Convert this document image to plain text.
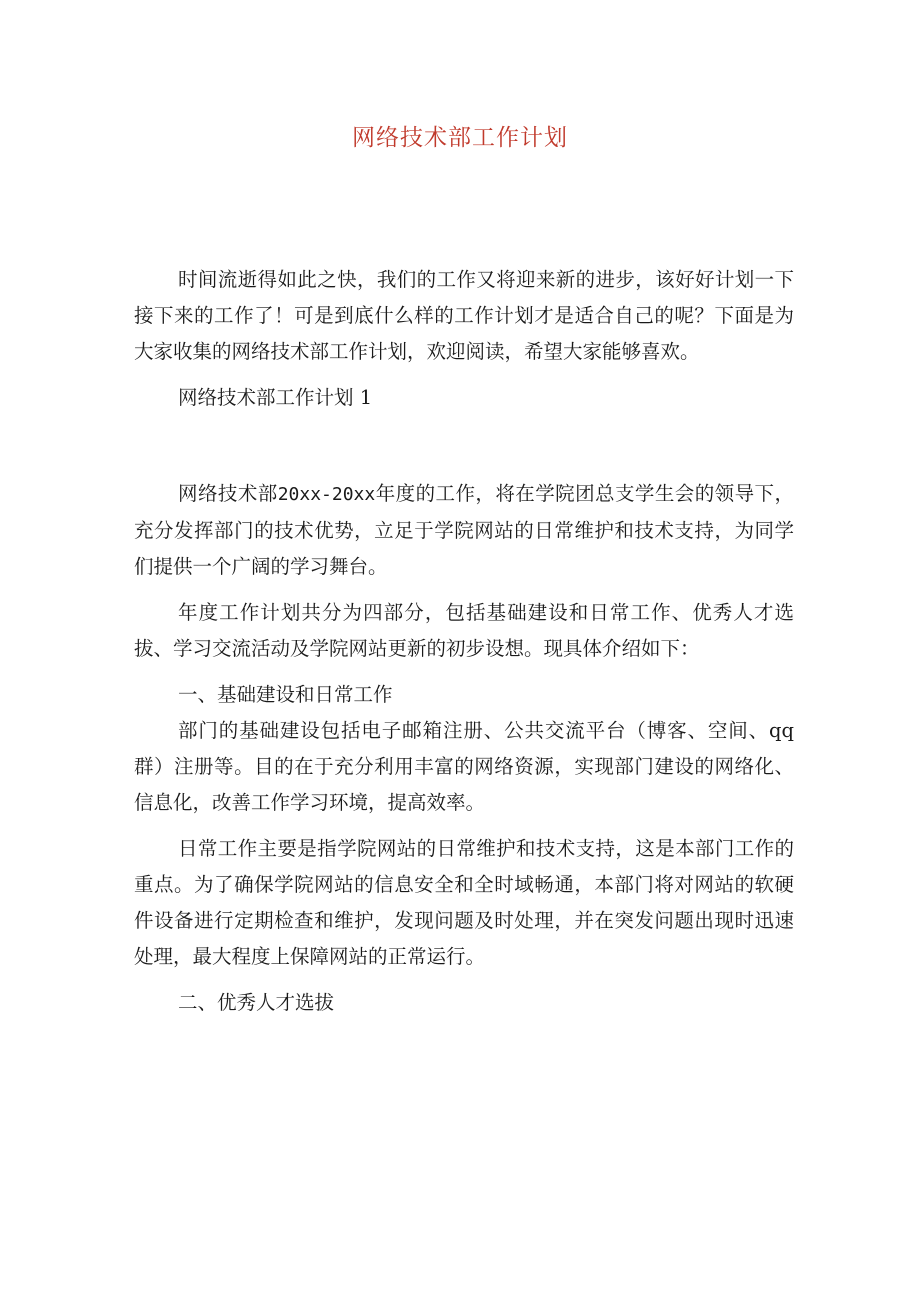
网络技术部工作计划

时间流逝得如此之快，我们的工作又将迎来新的进步，该好好计划一下接下来的工作了！可是到底什么样的工作计划才是适合自己的呢？下面是为大家收集的网络技术部工作计划，欢迎阅读，希望大家能够喜欢。

网络技术部工作计划 1

网络技术部20xx-20xx年度的工作，将在学院团总支学生会的领导下，充分发挥部门的技术优势，立足于学院网站的日常维护和技术支持，为同学们提供一个广阔的学习舞台。

年度工作计划共分为四部分，包括基础建设和日常工作、优秀人才选拔、学习交流活动及学院网站更新的初步设想。现具体介绍如下：

一、基础建设和日常工作

部门的基础建设包括电子邮箱注册、公共交流平台（博客、空间、qq群）注册等。目的在于充分利用丰富的网络资源，实现部门建设的网络化、信息化，改善工作学习环境，提高效率。

日常工作主要是指学院网站的日常维护和技术支持，这是本部门工作的重点。为了确保学院网站的信息安全和全时域畅通，本部门将对网站的软硬件设备进行定期检查和维护，发现问题及时处理，并在突发问题出现时迅速处理，最大程度上保障网站的正常运行。

二、优秀人才选拔
